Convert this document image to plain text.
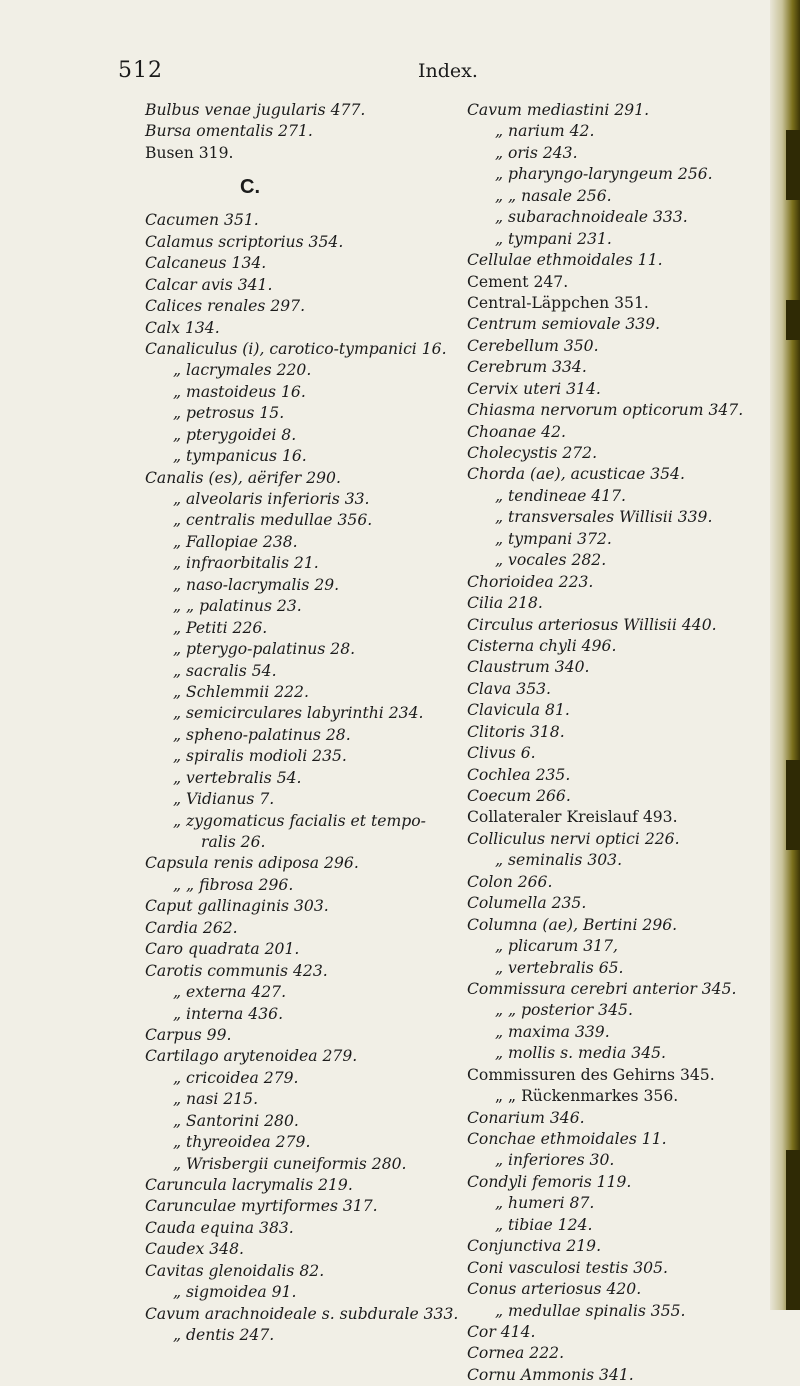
512	Index.
Bulbus venae jugularis 477.
Bursa omentalis 271.
Busen 319.
C.
Cacumen 351.
Calamus scriptorius 354.
Calcaneus 134.
Calcar avis 341.
Calices renales 297.
Calx 134.
Canaliculus (i), carotico-tympanici 16.
„ lacrymales 220.
„ mastoideus 16.
„ petrosus 15.
„ pterygoidei 8.
„ tympanicus 16.
Canalis (es), aërifer 290.
„ alveolaris inferioris 33.
„ centralis medullae 356.
„ Fallopiae 238.
„ infraorbitalis 21.
„ naso-lacrymalis 29.
„ „ palatinus 23.
„ Petiti 226.
„ pterygo-palatinus 28.
„ sacralis 54.
„ Schlemmii 222.
„ semicirculares labyrinthi 234.
„ spheno-palatinus 28.
„ spiralis modioli 235.
„ vertebralis 54.
„ Vidianus 7.
„ zygomaticus facialis et tempo-
ralis 26.
Capsula renis adiposa 296.
„ „ fibrosa 296.
Caput gallinaginis 303.
Cardia 262.
Caro quadrata 201.
Carotis communis 423.
„ externa 427.
„ interna 436.
Carpus 99.
Cartilago arytenoidea 279.
„ cricoidea 279.
„ nasi 215.
„ Santorini 280.
„ thyreoidea 279.
„ Wrisbergii cuneiformis 280.
Caruncula lacrymalis 219.
Carunculae myrtiformes 317.
Cauda equina 383.
Caudex 348.
Cavitas glenoidalis 82.
„ sigmoidea 91.
Cavum arachnoideale s. subdurale 333.
„ dentis 247.
Cavum mediastini 291.
„ narium 42.
„ oris 243.
„ pharyngo-laryngeum 256.
„ „ nasale 256.
„ subarachnoideale 333.
„ tympani 231.
Cellulae ethmoidales 11.
Cement 247.
Central-Läppchen 351.
Centrum semiovale 339.
Cerebellum 350.
Cerebrum 334.
Cervix uteri 314.
Chiasma nervorum opticorum 347.
Choanae 42.
Cholecystis 272.
Chorda (ae), acusticae 354.
„ tendineae 417.
„ transversales Willisii 339.
„ tympani 372.
„ vocales 282.
Chorioidea 223.
Cilia 218.
Circulus arteriosus Willisii 440.
Cisterna chyli 496.
Claustrum 340.
Clava 353.
Clavicula 81.
Clitoris 318.
Clivus 6.
Cochlea 235.
Coecum 266.
Collateraler Kreislauf 493.
Colliculus nervi optici 226.
„ seminalis 303.
Colon 266.
Columella 235.
Columna (ae), Bertini 296.
„ plicarum 317,
„ vertebralis 65.
Commissura cerebri anterior 345.
„ „ posterior 345.
„ maxima 339.
„ mollis s. media 345.
Commissuren des Gehirns 345.
„ „ Rückenmarkes 356.
Conarium 346.
Conchae ethmoidales 11.
„ inferiores 30.
Condyli femoris 119.
„ humeri 87.
„ tibiae 124.
Conjunctiva 219.
Coni vasculosi testis 305.
Conus arteriosus 420.
„ medullae spinalis 355.
Cor 414.
Cornea 222.
Cornu Ammonis 341.
